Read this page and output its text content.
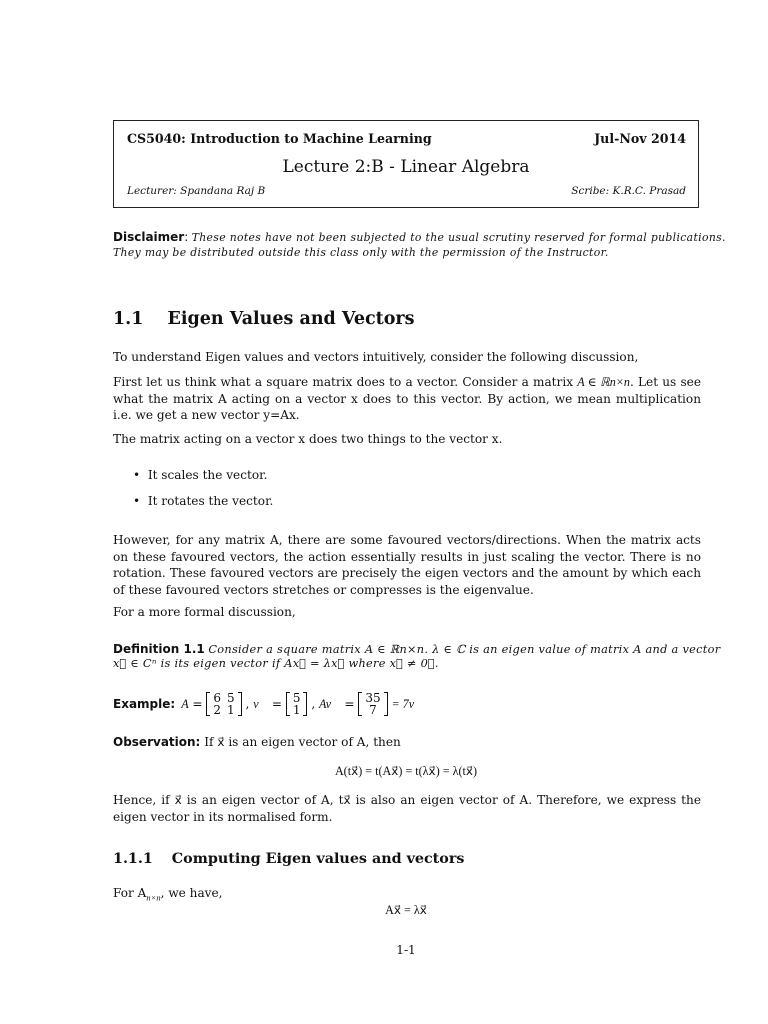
CS5040: Introduction to Machine Learning	Jul-Nov 2014
Lecture 2:B - Linear Algebra
Lecturer: Spandana Raj B	Scribe: K.R.C. Prasad
Disclaimer: These notes have not been subjected to the usual scrutiny reserved for formal publications.
They may be distributed outside this class only with the permission of the Instructor.
1.1 Eigen Values and Vectors
To understand Eigen values and vectors intuitively, consider the following discussion,
First let us think what a square matrix does to a vector. Consider a matrix A ∈ ℝn×n. Let us see what the matrix A acting on a vector x does to this vector. By action, we mean multiplication i.e. we get a new vector y=Ax.
The matrix acting on a vector x does two things to the vector x.
•  It scales the vector.
•  It rotates the vector.
However, for any matrix A, there are some favoured vectors/directions. When the matrix acts on these favoured vectors, the action essentially results in just scaling the vector. There is no rotation. These favoured vectors are precisely the eigen vectors and the amount by which each of these favoured vectors stretches or compresses is the eigenvalue.
For a more formal discussion,
Definition 1.1 Consider a square matrix A ∈ ℝn×n. λ ∈ ℂ is an eigen value of matrix A and a vector
x⃗ ∈ Cⁿ is its eigen vector if Ax⃗ = λx⃗ where x⃗ ≠ 0⃗.
Example: A = 6	5
2	1 , v⃗ = 5
1 , Av⃗ = 35
7
= 7v⃗
Observation: If x⃗ is an eigen vector of A, then
A(tx⃗) = t(Ax⃗) = t(λx⃗) = λ(tx⃗)
Hence, if x⃗ is an eigen vector of A, tx⃗ is also an eigen vector of A. Therefore, we express the eigen vector in its normalised form.
1.1.1 Computing Eigen values and vectors
For $A_{n\times n}$, we have,
Ax⃗ = λx⃗
1-1
